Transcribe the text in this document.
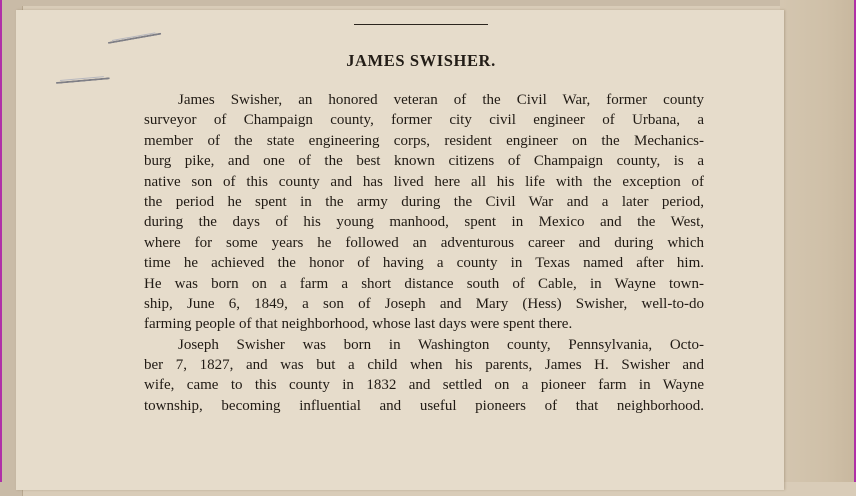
JAMES SWISHER.
James Swisher, an honored veteran of the Civil War, former county
surveyor of Champaign county, former city civil engineer of Urbana, a
member of the state engineering corps, resident engineer on the Mechanics-
burg pike, and one of the best known citizens of Champaign county, is a
native son of this county and has lived here all his life with the exception of
the period he spent in the army during the Civil War and a later period,
during the days of his young manhood, spent in Mexico and the West,
where for some years he followed an adventurous career and during which
time he achieved the honor of having a county in Texas named after him.
He was born on a farm a short distance south of Cable, in Wayne town-
ship, June 6, 1849, a son of Joseph and Mary (Hess) Swisher, well-to-do
farming people of that neighborhood, whose last days were spent there.
Joseph Swisher was born in Washington county, Pennsylvania, Octo-
ber 7, 1827, and was but a child when his parents, James H. Swisher and
wife, came to this county in 1832 and settled on a pioneer farm in Wayne
township, becoming influential and useful pioneers of that neighborhood.
